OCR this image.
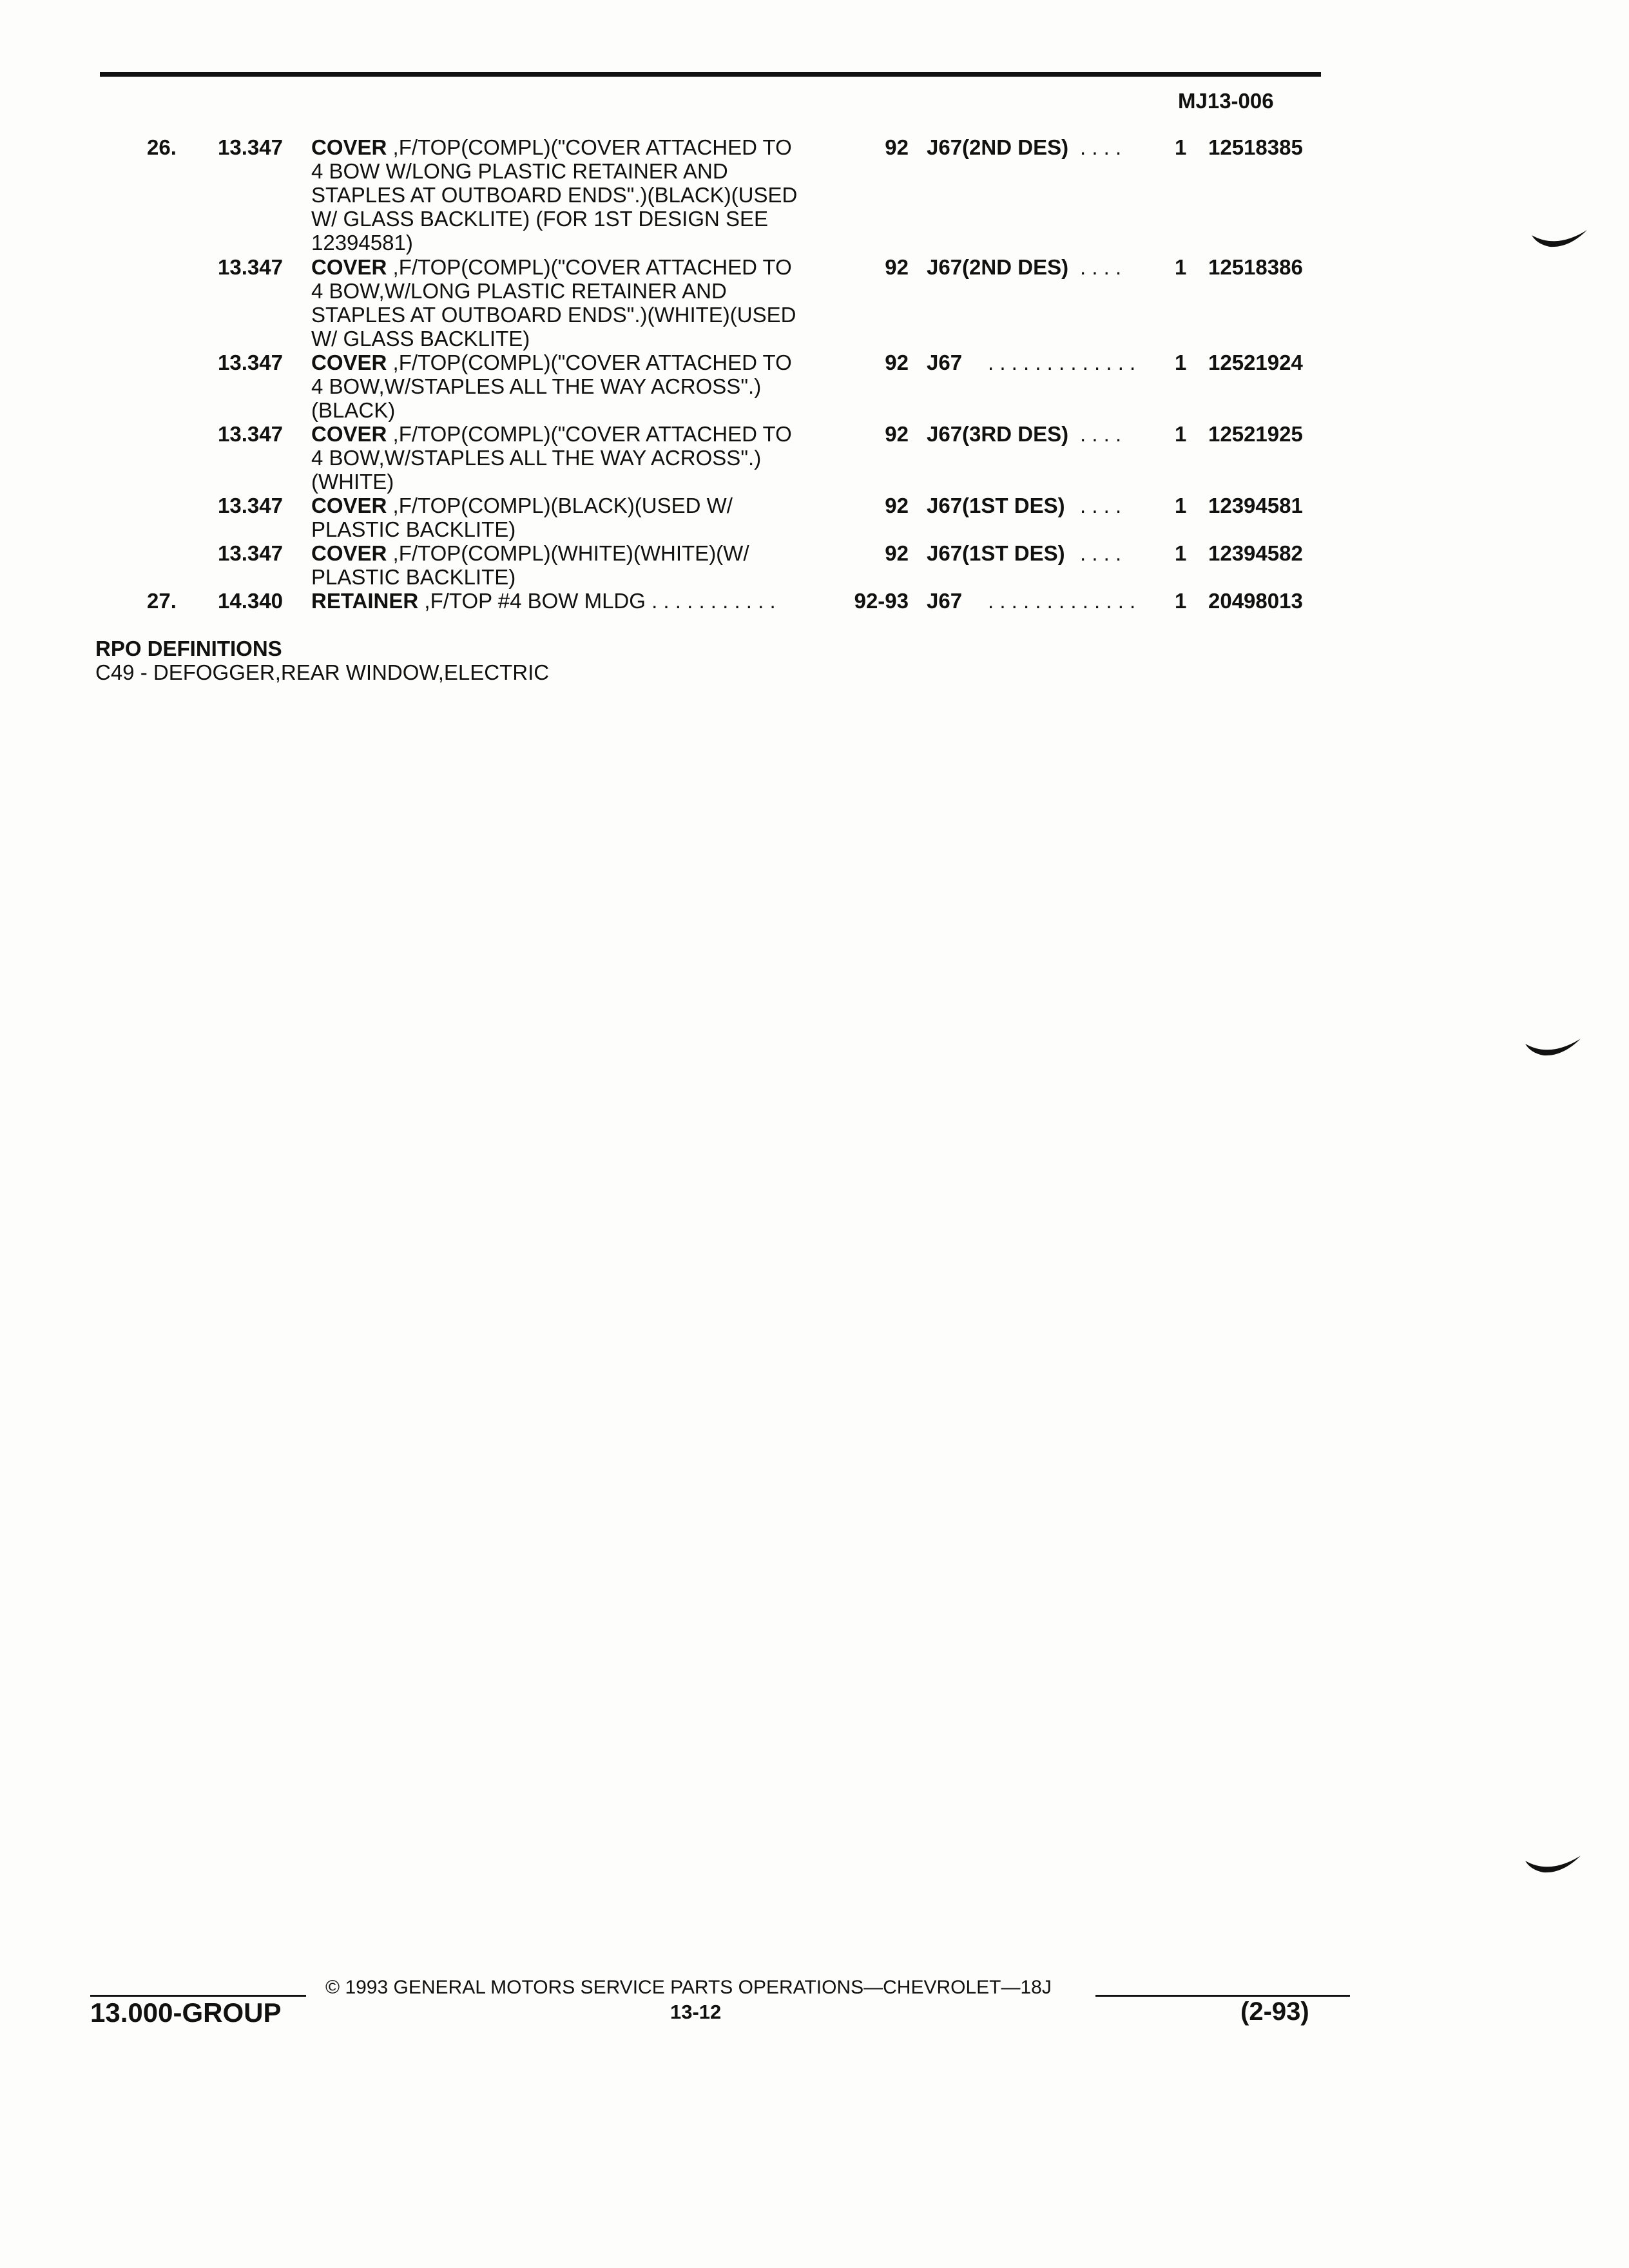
MJ13-006
26. 13.347 COVER ,F/TOP(COMPL)("COVER ATTACHED TO
4 BOW W/LONG PLASTIC RETAINER AND
STAPLES AT OUTBOARD ENDS".)(BLACK)(USED
W/ GLASS BACKLITE) (FOR 1ST DESIGN SEE
12394581)
92 J67(2ND DES) . . . .	1 12518385
13.347 COVER ,F/TOP(COMPL)("COVER ATTACHED TO
4 BOW,W/LONG PLASTIC RETAINER AND
STAPLES AT OUTBOARD ENDS".)(WHITE)(USED
W/ GLASS BACKLITE)
92 J67(2ND DES) . . . .	1 12518386
13.347 COVER ,F/TOP(COMPL)("COVER ATTACHED TO
4 BOW,W/STAPLES ALL THE WAY ACROSS".)
(BLACK)
92 J67 . . . . . . . . . . . . . 1 12521924
13.347 COVER ,F/TOP(COMPL)("COVER ATTACHED TO
4 BOW,W/STAPLES ALL THE WAY ACROSS".)
(WHITE)
92 J67(3RD DES) . . . .	1 12521925
13.347 COVER ,F/TOP(COMPL)(BLACK)(USED W/
PLASTIC BACKLITE)
92 J67(1ST DES) . . . .	1 12394581
13.347 COVER ,F/TOP(COMPL)(WHITE)(WHITE)(W/
PLASTIC BACKLITE)
92 J67(1ST DES) . . . .	1 12394582
27. 14.340 RETAINER ,F/TOP #4 BOW MLDG . . . . . . . . . . .	92-93 J67 . . . . . . . . . . . . . 1 20498013
RPO DEFINITIONS
C49 - DEFOGGER,REAR WINDOW,ELECTRIC
© 1993 GENERAL MOTORS SERVICE PARTS OPERATIONS—CHEVROLET—18J
13.000-GROUP	13-12	(2-93)
